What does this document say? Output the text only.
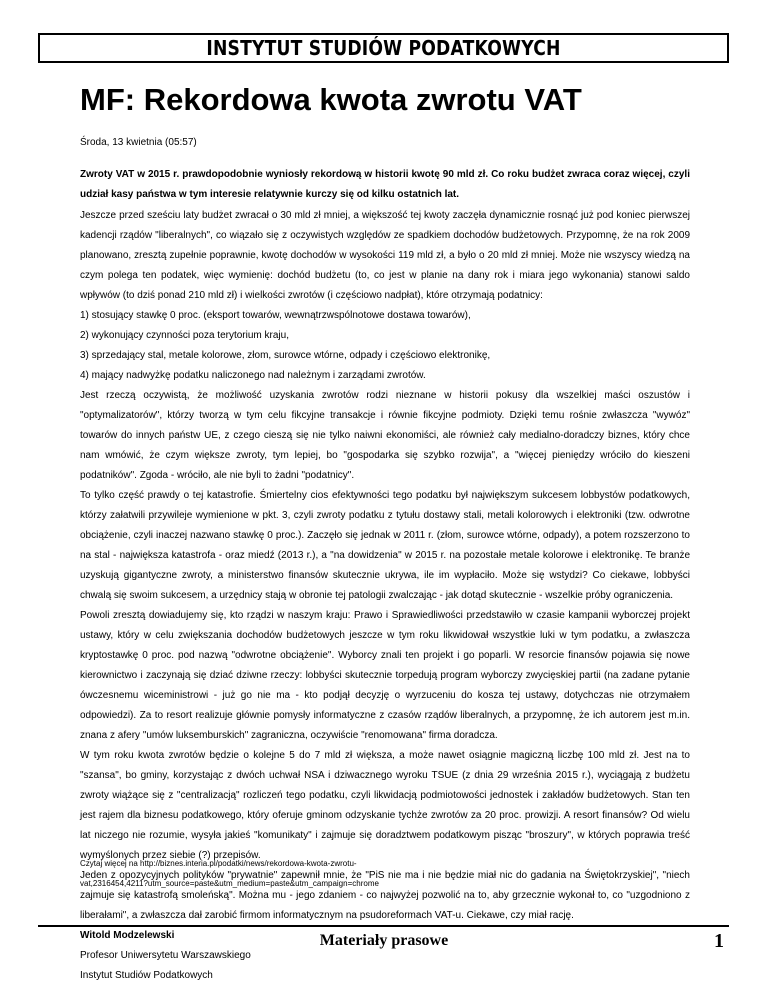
INSTYTUT STUDIÓW PODATKOWYCH
MF: Rekordowa kwota zwrotu VAT
Środa, 13 kwietnia (05:57)
Zwroty VAT w 2015 r. prawdopodobnie wyniosły rekordową w historii kwotę 90 mld zł. Co roku budżet zwraca coraz więcej, czyli udział kasy państwa w tym interesie relatywnie kurczy się od kilku ostatnich lat.

Jeszcze przed sześciu laty budżet zwracał o 30 mld zł mniej, a większość tej kwoty zaczęła dynamicznie rosnąć już pod koniec pierwszej kadencji rządów "liberalnych", co wiązało się z oczywistych względów ze spadkiem dochodów budżetowych. Przypomnę, że na rok 2009 planowano, zresztą zupełnie poprawnie, kwotę dochodów w wysokości 119 mld zł, a było o 20 mld zł mniej. Może nie wszyscy wiedzą na czym polega ten podatek, więc wymienię: dochód budżetu (to, co jest w planie na dany rok i miara jego wykonania) stanowi saldo wpływów (to dziś ponad 210 mld zł) i wielkości zwrotów (i częściowo nadpłat), które otrzymają podatnicy:

1) stosujący stawkę 0 proc. (eksport towarów, wewnątrzwspólnotowe dostawa towarów),

2) wykonujący czynności poza terytorium kraju,

3) sprzedający stal, metale kolorowe, złom, surowce wtórne, odpady i częściowo elektronikę,

4) mający nadwyżkę podatku naliczonego nad należnym i zarządami zwrotów.

Jest rzeczą oczywistą, że możliwość uzyskania zwrotów rodzi nieznane w historii pokusy dla wszelkiej maści oszustów i "optymalizatorów", którzy tworzą w tym celu fikcyjne transakcje i równie fikcyjne podmioty. Dzięki temu rośnie zwłaszcza "wywóz" towarów do innych państw UE, z czego cieszą się nie tylko naiwni ekonomiści, ale również cały medialno-doradczy biznes, który chce nam wmówić, że czym większe zwroty, tym lepiej, bo "gospodarka się szybko rozwija", a "więcej pieniędzy wróciło do kieszeni podatników". Zgoda - wróciło, ale nie byli to żadni "podatnicy".

To tylko część prawdy o tej katastrofie. Śmiertelny cios efektywności tego podatku był największym sukcesem lobbystów podatkowych, którzy załatwili przywileje wymienione w pkt. 3, czyli zwroty podatku z tytułu dostawy stali, metali kolorowych i elektroniki (tzw. odwrotne obciążenie, czyli inaczej nazwano stawkę 0 proc.). Zaczęło się jednak w 2011 r. (złom, surowce wtórne, odpady), a potem rozszerzono to na stal - największa katastrofa - oraz miedź (2013 r.), a "na dowidzenia" w 2015 r. na pozostałe metale kolorowe i elektronikę. Te branże uzyskują gigantyczne zwroty, a ministerstwo finansów skutecznie ukrywa, ile im wypłaciło. Może się wstydzi? Co ciekawe, lobbyści chwalą się swoim sukcesem, a urzędnicy stają w obronie tej patologii zwalczając - jak dotąd skutecznie - wszelkie próby ograniczenia.

Powoli zresztą dowiadujemy się, kto rządzi w naszym kraju: Prawo i Sprawiedliwości przedstawiło w czasie kampanii wyborczej projekt ustawy, który w celu zwiększania dochodów budżetowych jeszcze w tym roku likwidował wszystkie luki w tym podatku, a zwłaszcza kryptostawkę 0 proc. pod nazwą "odwrotne obciążenie". Wyborcy znali ten projekt i go poparli. W resorcie finansów pojawia się nowe kierownictwo i zaczynają się dziać dziwne rzeczy: lobbyści skutecznie torpedują program wyborczy zwycięskiej partii (na zadane pytanie ówczesnemu wiceministrowi - już go nie ma - kto podjął decyzję o wyrzuceniu do kosza tej ustawy, dotychczas nie otrzymałem odpowiedzi). Za to resort realizuje głównie pomysły informatyczne z czasów rządów liberalnych, a przypomnę, że ich autorem jest m.in. znana z afery "umów luksemburskich" zagraniczna, oczywiście "renomowana" firma doradcza.

W tym roku kwota zwrotów będzie o kolejne 5 do 7 mld zł większa, a może nawet osiągnie magiczną liczbę 100 mld zł. Jest na to "szansa", bo gminy, korzystając z dwóch uchwał NSA i dziwacznego wyroku TSUE (z dnia 29 września 2015 r.), wyciągają z budżetu zwroty wiążące się z "centralizacją" rozliczeń tego podatku, czyli likwidacją podmiotowości jednostek i zakładów budżetowych. Stan ten jest rajem dla biznesu podatkowego, który oferuje gminom odzyskanie tychże zwrotów za 20 proc. prowizji. A resort finansów? Od wielu lat niczego nie rozumie, wysyła jakieś "komunikaty" i zajmuje się doradztwem podatkowym pisząc "broszury", w których poprawia treść wymyślonych przez siebie (?) przepisów.

Jeden z opozycyjnych polityków "prywatnie" zapewnił mnie, że "PiS nie ma i nie będzie miał nic do gadania na Świętokrzyskiej", "niech zajmuje się katastrofą smoleńską". Można mu - jego zdaniem - co najwyżej pozwolić na to, aby grzecznie wykonał to, co "uzgodniono z liberałami", a zwłaszcza dał zarobić firmom informatycznym na psudoreformach VAT-u. Ciekawe, czy miał rację.

Witold Modzelewski

Profesor Uniwersytetu Warszawskiego

Instytut Studiów Podatkowych

Czytaj więcej na http://biznes.interia.pl/podatki/news/rekordowa-kwota-zwrotu-

vat,2316454,4211?utm_source=paste&utm_medium=paste&utm_campaign=chrome

Materiały prasowe	1
